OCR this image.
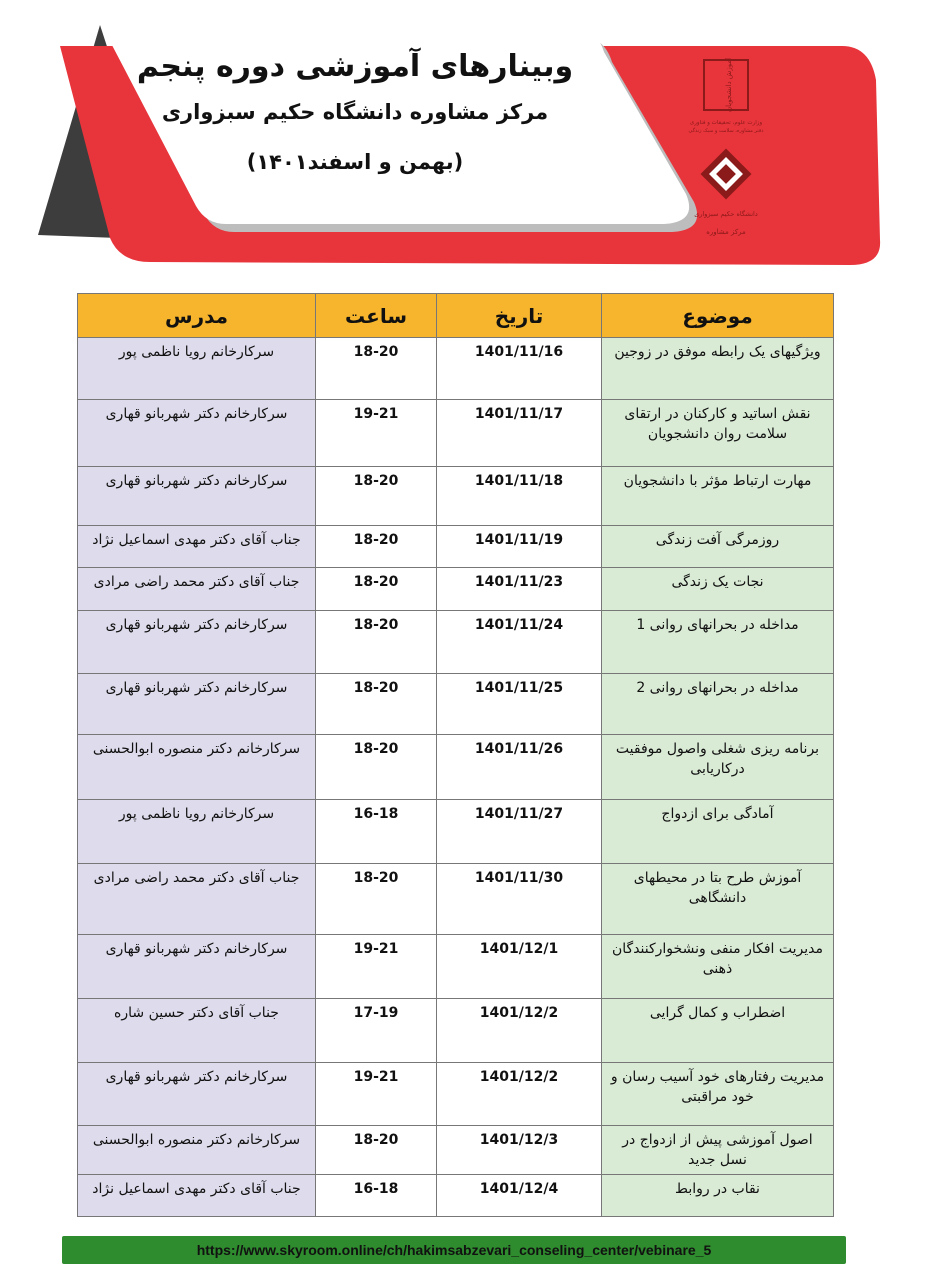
وبینارهای آموزشی دوره پنجم
مرکز مشاوره دانشگاه حکیم سبزواری
(بهمن و اسفند۱۴۰۱)
آموزش دانشجویان
وزارت علوم، تحقیقات و فناوری
دفتر مشاوره، سلامت و سبک زندگی
دانشگاه حکیم سبزواری
مرکز مشاوره
موضوع	تاریخ	ساعت	مدرس
ویژگیهای یک رابطه موفق در زوجین	1401/11/16	18-20	سرکارخانم رویا ناظمی پور
نقش اساتید و کارکنان در ارتقای سلامت روان دانشجویان	1401/11/17	19-21	سرکارخانم دکتر شهربانو قهاری
مهارت ارتباط مؤثر با دانشجویان	1401/11/18	18-20	سرکارخانم دکتر شهربانو قهاری
روزمرگی آفت زندگی	1401/11/19	18-20	جناب آقای دکتر مهدی اسماعیل نژاد
نجات یک زندگی	1401/11/23	18-20	جناب آقای دکتر محمد راضی مرادی
مداخله در بحرانهای روانی 1	1401/11/24	18-20	سرکارخانم دکتر شهربانو قهاری
مداخله در بحرانهای روانی 2	1401/11/25	18-20	سرکارخانم دکتر شهربانو قهاری
برنامه ریزی شغلی واصول موفقیت درکاریابی	1401/11/26	18-20	سرکارخانم دکتر منصوره ابوالحسنی
آمادگی برای ازدواج	1401/11/27	16-18	سرکارخانم رویا ناظمی پور
آموزش طرح بتا در محیطهای دانشگاهی	1401/11/30	18-20	جناب آقای دکتر محمد راضی مرادی
مدیریت افکار منفی ونشخوارکنندگان ذهنی	1401/12/1	19-21	سرکارخانم دکتر شهربانو قهاری
اضطراب و کمال گرایی	1401/12/2	17-19	جناب آقای دکتر حسین شاره
مدیریت رفتارهای خود آسیب رسان و خود مراقبتی	1401/12/2	19-21	سرکارخانم دکتر شهربانو قهاری
اصول آموزشی پیش از ازدواج در نسل جدید	1401/12/3	18-20	سرکارخانم دکتر منصوره ابوالحسنی
نقاب در روابط	1401/12/4	16-18	جناب آقای دکتر مهدی اسماعیل نژاد
https://www.skyroom.online/ch/hakimsabzevari_conseling_center/vebinare_5
